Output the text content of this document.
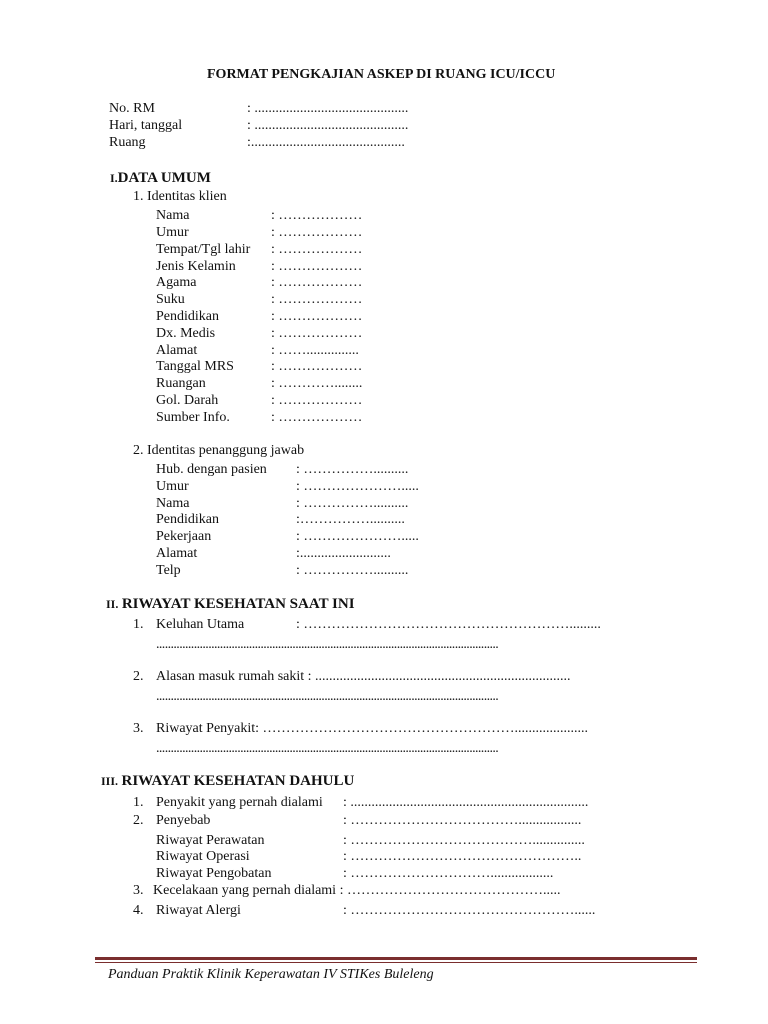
FORMAT PENGKAJIAN ASKEP DI RUANG ICU/ICCU
No. RM	: ............................................
Hari, tanggal	: ............................................
Ruang	:............................................
I.DATA UMUM
1. Identitas klien
Nama	: ………………
Umur	: ………………
Tempat/Tgl lahir : ………………
Jenis Kelamin	: ………………
Agama	: ………………
Suku	: ………………
Pendidikan	: ………………
Dx. Medis	: ………………
Alamat	: ……...............
Tanggal MRS	: ………………
Ruangan	: …………........
Gol. Darah	: ………………
Sumber Info.	: ………………
2. Identitas penanggung jawab
Hub. dengan pasien : ……………..........
Umur	: ………………….....
Nama	: ……………..........
Pendidikan	:……………..........
Pekerjaan	: ………………….....
Alamat	:..........................
Telp	: ……………..........
II. RIWAYAT KESEHATAN SAAT INI
1. Keluhan Utama	: ………………………………………………….........
......................................................................................................................
2. Alasan masuk rumah sakit : .........................................................................
......................................................................................................................
3. Riwayat Penyakit: ……………………………………………….....................
......................................................................................................................
III. RIWAYAT KESEHATAN DAHULU
1. Penyakit yang pernah dialami : ....................................................................
2. Penyebab	: ………………………………..................
Riwayat Perawatan	: …………………………………...............
Riwayat Operasi	: …………………………………………..
Riwayat Pengobatan	: …………………………..................
3. Kecelakaan yang pernah dialami : …………………………………….....
4. Riwayat Alergi	: …………………………………………......
Panduan Praktik Klinik Keperawatan IV STIKes Buleleng
